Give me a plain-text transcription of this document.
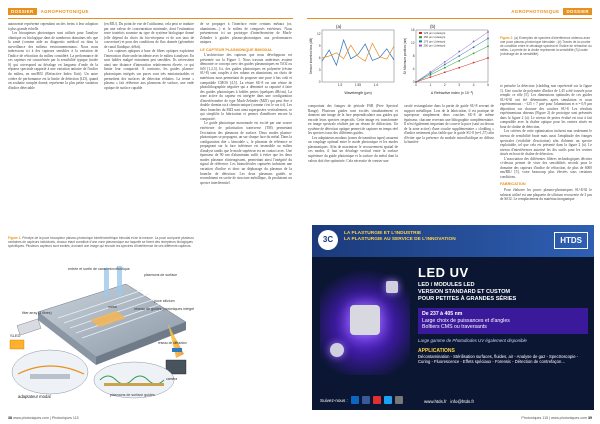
DOSSIER	AGROPHOTONIQUE	AGROPHOTONIQUE	DOSSIER

autonomie représente cependant un des freins à leur adoption à plus grande échelle.

Les biocapteurs photoniques sont utilisés pour l'analyse chimique ou biologique dans de nombreux domaines tels que la santé (comme aide au diagnostic médical ou dans la surveillance des milieux environnementaux. Nous nous intéressons ici à des capteurs sensibles à la variation de l'indice de réfraction du milieu considéré. La performance de ces capteurs est caractérisée par la sensibilité typique (notée S) qui correspond au décalage en longueur d'onde de la réponse spectrale rapporté à une variation unitaire de l'indice du milieu, en nm/RIU (Refractive Index Unit). Un autre critère de performance est la limite de détection (LD), quand on souhaite complet donné, représente la plus petite variation d'indice détectable

(en RIU). Du point de vue de l'utilisateur, cela peut se traduire par une valeur de concentration minimale, dont l'estimation reste toutefois soumise au type de système biologique donné (elle dépend du choix du bio-récepteur et de son taux de couverture) et pour des conditions de flux donnée (géométrie de canal fluidique, débit).

Les capteurs optiques à base de fibres optiques exploitent l'interaction d'une onde incidente avec le milieu à analyser. En sont faibles malgré entrainent peu sensibles. Ils nécessitent ainsi une distance d'interaction relativement élevée, ce qui limite leur compacité. A contrario, les guides plasmo-photoniques intégrés sur puces sont très miniaturisables et permettent des surfaces de détection réduites. La terme « plasmo » fait référence aux plasmons de surface, une onde optique de surface capable

de se propager à l'interface entre certains métaux (or, aluminium…) et le milieu de composés extérieurs. Nous présenterons ici un prototype d'interféromètre de Mach-Zehnder à guides plasmo-photoniques aux performances uniques.

LE CAPTEUR PLASMONIQUE BIMODAL

L'architecture des capteurs que nous développons est présentée sur la Figure 1. Nous travaux antérieurs avaient démontré ce concept avec des guides plasmoniques en TiO2 ou SiN [1,2,3]. Ici, des guides photoniques en polymère (résine SU-8) sont couplés à des rubans en aluminium, un choix de matériaux nous permettant de proposer une puce à bas coût et compatible CMOS [4,5]. La résine SU-8 est une résine de photolithographie négative qui a démontré sa capacité à faire des guides photoniques à faibles pertes (quelques dB/cm). La zone active du capteur est intégrée dans une configuration d'interféromètre de type Mach-Zehnder (MZI) qui peut être à double chemin ou à chemin unique (comme c'est le cas ici). Les deux branches du MZI sont ainsi superposées verticalement, ce qui simplifie la fabrication et permet d'améliorer encore la compacité.

Le guide photonique monomode est excité par une source extérieure de polarisation transverse (TM) permettant l'excitation des plasmons de surface. Deux modes plasmo-photoniques se propagent, un sur chaque face du métal. Dans la configuration dite « bimodale », le plasmon de référence se propageant sur la face inférieure est insensible au milieu d'analyse tandis que le mode supérieur est en contact avec. Une épaisseur de 90 nm d'aluminium suffit à éviter que les deux modes plasmon n'interagissent, permettant ainsi l'intégrité du signal de référence. Les biomolécules capturées induisent une variation d'indice et donc un déphasage du plasmon de la branche de détection. Les deux plasmons guidés se recombinent en sortie de structure métallique, ils produisent un spectre interférentiel

Figure 1. Principe de la puce biocapteur plasmo-photonique interférométrique bimodal et de la mesure. La puce comporte plusieurs centaines de capteurs individuels, chacun étant constitué d'une zone plasmonique sur laquelle se fixent des récepteurs biologiques spécifiques. Plusieurs capteurs sont excités, donnant une image qui encode les spectres d'interférence de ces différents capteurs.
entrée et sortie de canal microfluidique
plasmons de surface
puce silicium
réseau de guides photoniques intégrés
métal
SLED
fiber array (4 fibres)
adaptateur modal
caméra
réseau de diffraction
plasmons de surface guidés
(a)	(b)
0
3
6
9
12
1.5	1.55	1.6
Wavelength (µm)
Sensor insertion loss (dB)
0
4
8
12
16
0	1	2	3	4	5
125 µm L(design)
150 µm L(design)
175 µm L(design)
200 µm L(design)
Δ Refractive index (x 10⁻³)
δλ Minimum position (nm)	Figure 2. (a) Exemples de spectres d'interférence obtenus avec une puce plasmo-photonique bimodale ; (b) Tracés de la courbe de condition entre le décalage spectral et l'indice de réfraction du milieu. La pente de la droite représente la sensibilité (S) locale (voisinage de la sensibilité).

comportant des franges de période FSR (Free Spectral Range). Plusieurs guides sont excités simultanément et donnent une image de la face perpendiculaire aux guides qui encode leurs spectres respectifs. Cette image est transformée en image spectrale réalisée par un réseau de diffraction. Un système de détection optique permet de capturer en temps réel les spectres issus des différents guides.

Les adaptateurs modaux (zones de transition taper) assurent un couplage optimal entre le mode photonique et les modes plasmoniques. Afin de maximiser le recouvrement spatial de ces modes, il faut un décalage vertical entre la surface supérieure du guide photonique et la surface du métal dont la valeur doit être optimisée. Cela nécessite de creuser une

cavité rectangulaire dans la partie de guide SU-8 servant de support métallique. Lors de la fabrication, il est pratique de superposer simplement deux couches SU-8 de même épaisseur, chacune recevant une lithographie complémentaire. Il n'est également important de couvrir la puce (sauf au dessus de la zone active) d'une couche supplémentaire « cladding » d'indice nettement plus faible que le guide SU-8 (n=1,57) afin d'éviter que la présence du module microfluidique ne diffuse la lumière

et perturbe la détection (cladding non représenté sur la figure 1). Une couche de polymère d'indice de 1,45 a été trouvée pour remplir ce rôle [5]. Les dimensions optimales de ces guides SU-8/Al ont été déterminées après simulation et nous expérimentaux : ~125 × 7 µm² pour l'aluminium et n = 0,9 µm déposition sur chacune des couches SU-8. Les résultats expérimentaux obtenus (Figure 2) de prototype sont présentés dans la figure 2 (a). Le niveau de pertes évalué est tout à fait compatible avec la chaîne optique pour les centres situés en bout de chaîne de détection.

Les critères de cette optimisation incluent non seulement le niveau de sensibilité brute mais aussi l'amplitude des franges spectrales (visibilité d'excitation) afin d'obtenir un spectre exploitable, tel que cela est présenté dans la figure 2 (a). Le niveau d'interférences autorisé les dix outils pour les centres situés en bout de chaîne de détection.

L'association des différentes filières technologiques décrites ci-dessus permet de viser des sensibilités records pour le domaine des capteurs d'indice de réfraction, de plus de 6000 nm/RIU [5], voire beaucoup plus élevées sous certaines conditions.

FABRICATION

Pour élaborer les puces plasmo-photoniques SU-8/Al le substrat utilisé est une plaquette de silicium recouverte de 3 µm de SiO2. Le remplacement du matériau inorganique

3C
LA PLASTURGIE ET L'INDUSTRIE
LA PLASTURGIE AU SERVICE DE L'INNOVATION	HTDS
LED UV
LED / MODULES LED
VERSION STANDARD ET CUSTOM
POUR PETITES À GRANDES SÉRIES
De 237 à 405 nm
Large choix de puissances et d'angles
Boîtiers CMS ou traversants
Large gamme de Photodiodes UV également disponible
APPLICATIONS
Décontamination - Stérilisation surfaces, fluides, air - Analyse de gaz - Spectroscopie - Curing - Fluorescence - Effets spéciaux - Forensic - Détection de contrefaçon…
Suivez-nous :	www.htds.fr info@htds.fr
38 www.photoniques.com | Photoniques 115	Photoniques 115 | www.photoniques.com 39
